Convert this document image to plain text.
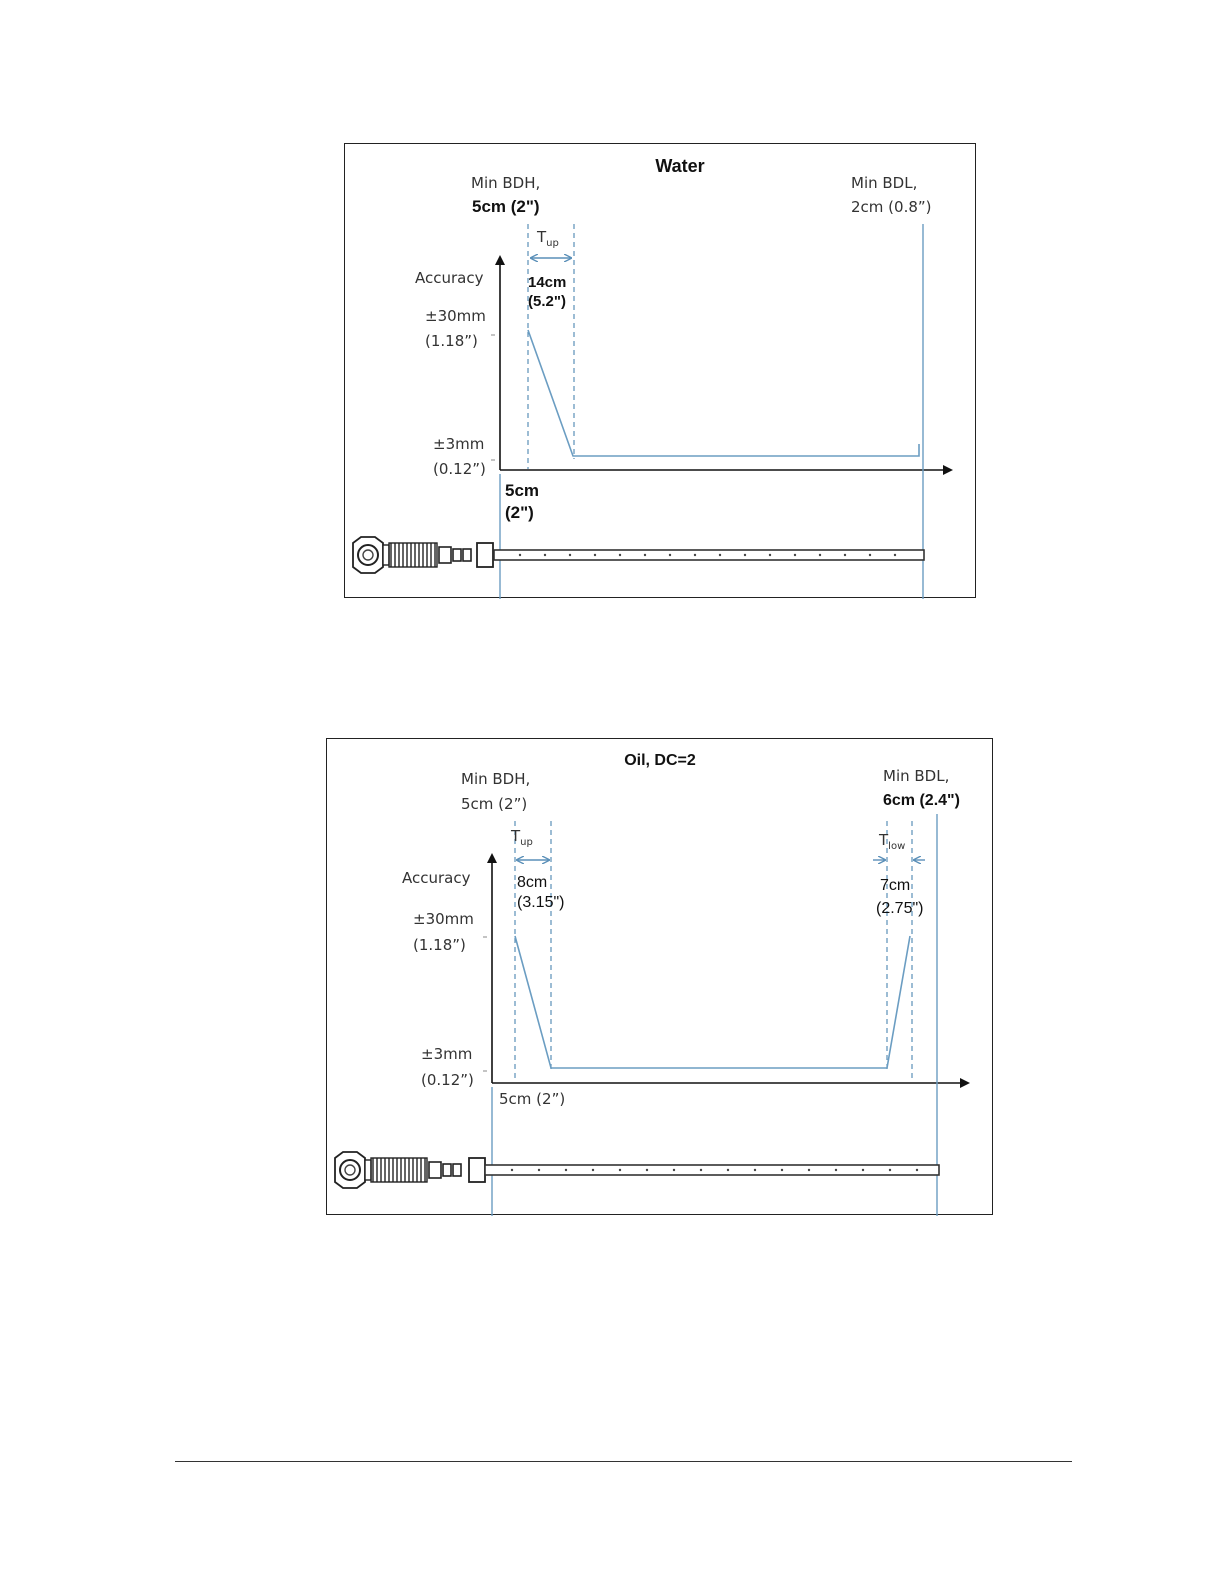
Water
Min BDH,
5cm (2")
Min BDL,
2cm (0.8”)
$T_{up}$
14cm
(5.2")
Accuracy
±30mm
(1.18”)
±3mm
(0.12”)
5cm
(2")
Oil, DC=2
Min BDH,
5cm (2”)
Min BDL,
6cm (2.4")
$T_{up}$
8cm
(3.15")
$T_{low}$
7cm
(2.75")
Accuracy
±30mm
(1.18”)
±3mm
(0.12”)
5cm (2”)
